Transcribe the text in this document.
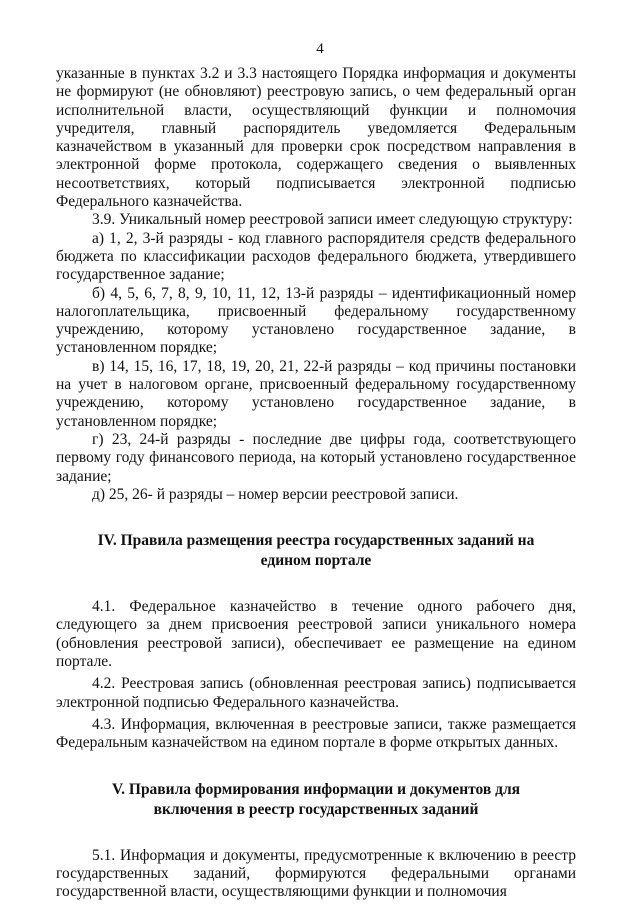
4

указанные в пунктах 3.2 и 3.3 настоящего Порядка информация и документы не формируют (не обновляют) реестровую запись, о чем федеральный орган исполнительной власти, осуществляющий функции и полномочия учредителя, главный распорядитель уведомляется Федеральным казначейством в указанный для проверки срок посредством направления в электронной форме протокола, содержащего сведения о выявленных несоответствиях, который подписывается электронной подписью Федерального казначейства.

3.9. Уникальный номер реестровой записи имеет следующую структуру:

а) 1, 2, 3-й разряды - код главного распорядителя средств федерального бюджета по классификации расходов федерального бюджета, утвердившего государственное задание;

б) 4, 5, 6, 7, 8, 9, 10, 11, 12, 13-й разряды – идентификационный номер налогоплательщика, присвоенный федеральному государственному учреждению, которому установлено государственное задание, в установленном порядке;

в) 14, 15, 16, 17, 18, 19, 20, 21, 22-й разряды – код причины постановки на учет в налоговом органе, присвоенный федеральному государственному учреждению, которому установлено государственное задание, в установленном порядке;

г) 23, 24-й разряды - последние две цифры года, соответствующего первому году финансового периода, на который установлено государственное задание;

д) 25, 26- й разряды – номер версии реестровой записи.

IV. Правила размещения реестра государственных заданий на

едином портале

4.1. Федеральное казначейство в течение одного рабочего дня, следующего за днем присвоения реестровой записи уникального номера (обновления реестровой записи), обеспечивает ее размещение на едином портале.

4.2. Реестровая запись (обновленная реестровая запись) подписывается электронной подписью Федерального казначейства.

4.3. Информация, включенная в реестровые записи, также размещается Федеральным казначейством на едином портале в форме открытых данных.

V. Правила формирования информации и документов для

включения в реестр государственных заданий

5.1. Информация и документы, предусмотренные к включению в реестр государственных заданий, формируются федеральными органами государственной власти, осуществляющими функции и полномочия
